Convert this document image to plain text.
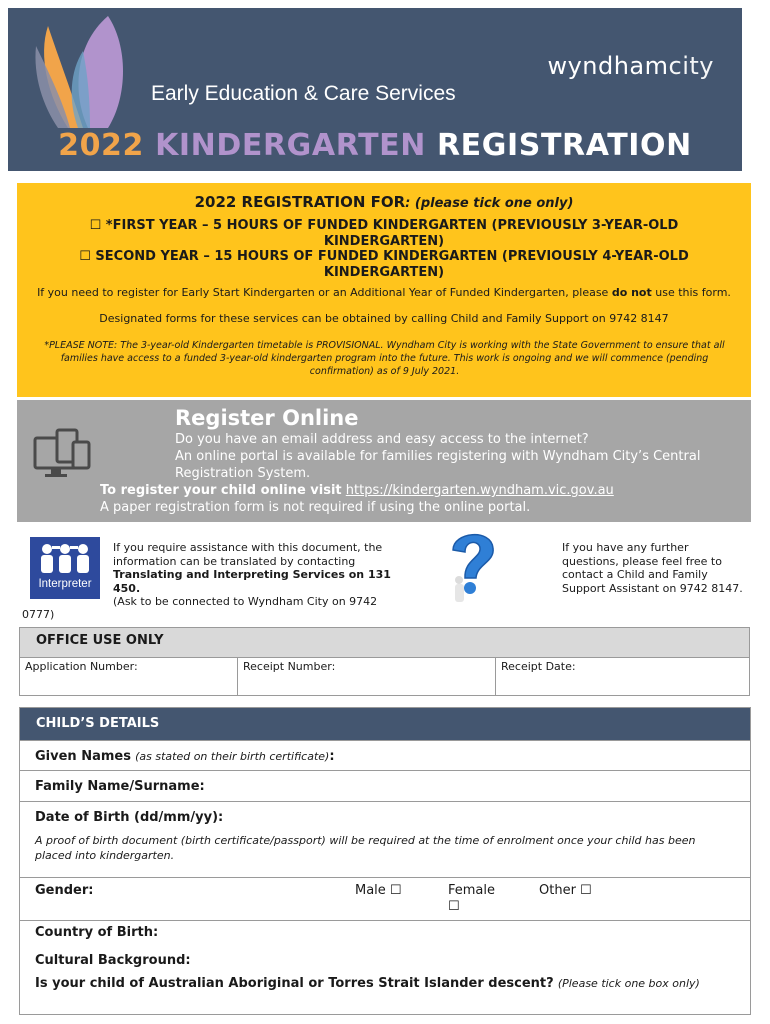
wyndhamcity
Early Education & Care Services
2022 KINDERGARTEN REGISTRATION
2022 REGISTRATION FOR: (please tick one only)
☐ *FIRST YEAR – 5 HOURS OF FUNDED KINDERGARTEN (PREVIOUSLY 3-YEAR-OLD KINDERGARTEN)
☐ SECOND YEAR – 15 HOURS OF FUNDED KINDERGARTEN (PREVIOUSLY 4-YEAR-OLD KINDERGARTEN)
If you need to register for Early Start Kindergarten or an Additional Year of Funded Kindergarten, please do not use this form.
Designated forms for these services can be obtained by calling Child and Family Support on 9742 8147
*PLEASE NOTE: The 3-year-old Kindergarten timetable is PROVISIONAL. Wyndham City is working with the State Government to ensure that all families have access to a funded 3-year-old kindergarten program into the future. This work is ongoing and we will commence (pending confirmation) as of 9 July 2021.
Register Online
Do you have an email address and easy access to the internet?
An online portal is available for families registering with Wyndham City’s Central
Registration System.
To register your child online visit https://kindergarten.wyndham.vic.gov.au
A paper registration form is not required if using the online portal.
Interpreter
If you require assistance with this document, the information can be translated by contacting
Translating and Interpreting Services on 131 450.
(Ask to be connected to Wyndham City on 9742
0777)
If you have any further questions, please feel free to contact a Child and Family Support Assistant on 9742 8147.
OFFICE USE ONLY
Application Number:	Receipt Number:	Receipt Date:
CHILD’S DETAILS
Given Names (as stated on their birth certificate):
Family Name/Surname:
Date of Birth (dd/mm/yy):
A proof of birth document (birth certificate/passport) will be required at the time of enrolment once your child has been placed into kindergarten.
Gender:	Male ☐	Female
☐
Other ☐
Country of Birth:
Cultural Background:
Is your child of Australian Aboriginal or Torres Strait Islander descent? (Please tick one box only)
